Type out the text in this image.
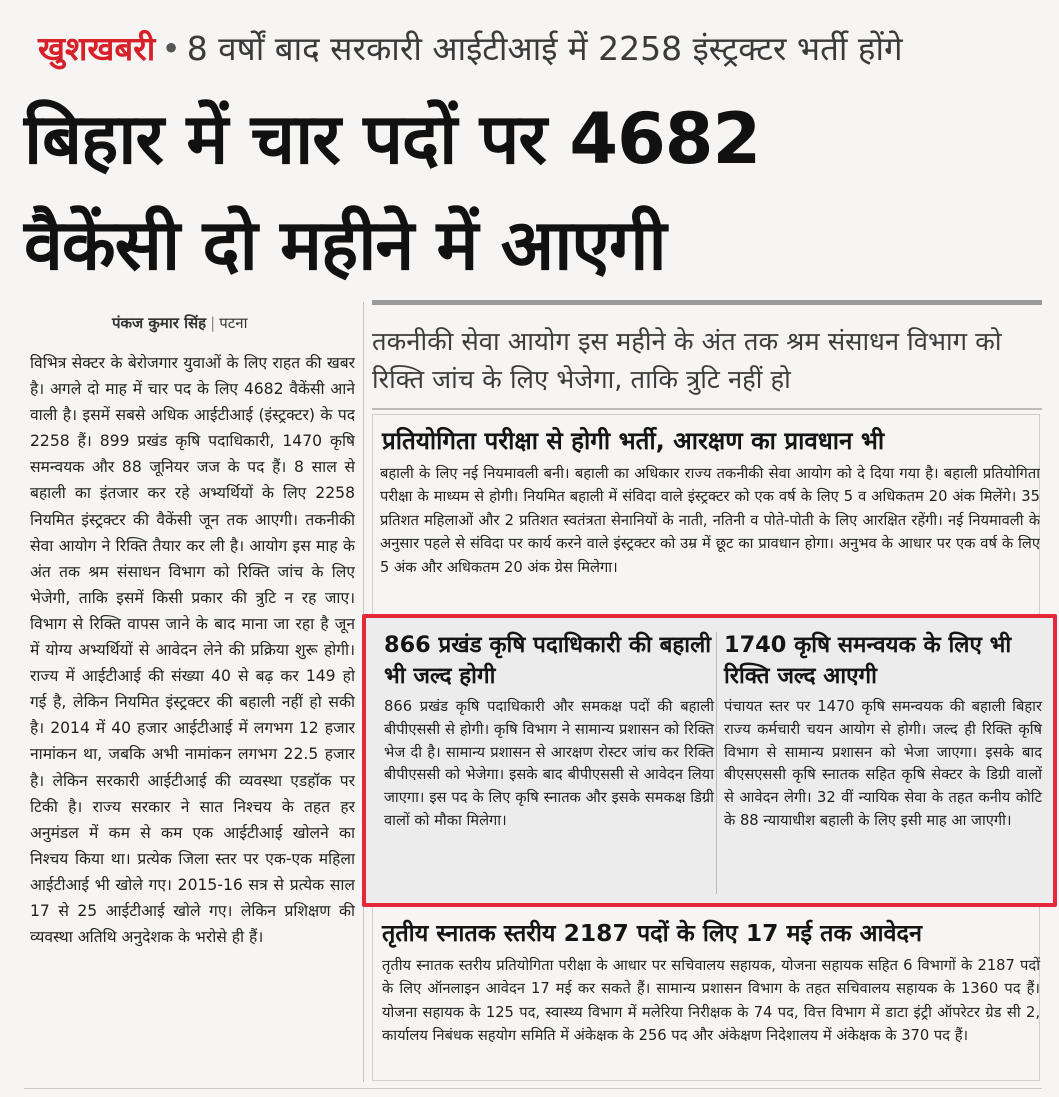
खुशखबरी • 8 वर्षों बाद सरकारी आईटीआई में 2258 इंस्ट्रक्टर भर्ती होंगे
बिहार में चार पदों पर 4682
वैकेंसी दो महीने में आएगी
पंकज कुमार सिंह | पटना
विभित्र सेक्टर के बेरोजगार युवाओं के लिए राहत की खबर है। अगले दो माह में चार पद के लिए 4682 वैकेंसी आने वाली है। इसमें सबसे अधिक आईटीआई (इंस्ट्रक्टर) के पद 2258 हैं। 899 प्रखंड कृषि पदाधिकारी, 1470 कृषि समन्वयक और 88 जूनियर जज के पद हैं। 8 साल से बहाली का इंतजार कर रहे अभ्यर्थियों के लिए 2258 नियमित इंस्ट्रक्टर की वैकेंसी जून तक आएगी। तकनीकी सेवा आयोग ने रिक्ति तैयार कर ली है। आयोग इस माह के अंत तक श्रम संसाधन विभाग को रिक्ति जांच के लिए भेजेगी, ताकि इसमें किसी प्रकार की त्रुटि न रह जाए। विभाग से रिक्ति वापस जाने के बाद माना जा रहा है जून में योग्य अभ्यर्थियों से आवेदन लेने की प्रक्रिया शुरू होगी। राज्य में आईटीआई की संख्या 40 से बढ़ कर 149 हो गई है, लेकिन नियमित इंस्ट्रक्टर की बहाली नहीं हो सकी है। 2014 में 40 हजार आईटीआई में लगभग 12 हजार नामांकन था, जबकि अभी नामांकन लगभग 22.5 हजार है। लेकिन सरकारी आईटीआई की व्यवस्था एडहॉक पर टिकी है। राज्य सरकार ने सात निश्चय के तहत हर अनुमंडल में कम से कम एक आईटीआई खोलने का निश्चय किया था। प्रत्येक जिला स्तर पर एक-एक महिला आईटीआई भी खोले गए। 2015-16 सत्र से प्रत्येक साल 17 से 25 आईटीआई खोले गए। लेकिन प्रशिक्षण की व्यवस्था अतिथि अनुदेशक के भरोसे ही हैं।
तकनीकी सेवा आयोग इस महीने के अंत तक श्रम संसाधन विभाग को रिक्ति जांच के लिए भेजेगा, ताकि त्रुटि नहीं हो
प्रतियोगिता परीक्षा से होगी भर्ती, आरक्षण का प्रावधान भी
बहाली के लिए नई नियमावली बनी। बहाली का अधिकार राज्य तकनीकी सेवा आयोग को दे दिया गया है। बहाली प्रतियोगिता परीक्षा के माध्यम से होगी। नियमित बहाली में संविदा वाले इंस्ट्रक्टर को एक वर्ष के लिए 5 व अधिकतम 20 अंक मिलेंगे। 35 प्रतिशत महिलाओं और 2 प्रतिशत स्वतंत्रता सेनानियों के नाती, नतिनी व पोते-पोती के लिए आरक्षित रहेंगी। नई नियमावली के अनुसार पहले से संविदा पर कार्य करने वाले इंस्ट्रक्टर को उम्र में छूट का प्रावधान होगा। अनुभव के आधार पर एक वर्ष के लिए 5 अंक और अधिकतम 20 अंक ग्रेस मिलेगा।
866 प्रखंड कृषि पदाधिकारी की बहाली भी जल्द होगी
866 प्रखंड कृषि पदाधिकारी और समकक्ष पदों की बहाली बीपीएससी से होगी। कृषि विभाग ने सामान्य प्रशासन को रिक्ति भेज दी है। सामान्य प्रशासन से आरक्षण रोस्टर जांच कर रिक्ति बीपीएससी को भेजेगा। इसके बाद बीपीएससी से आवेदन लिया जाएगा। इस पद के लिए कृषि स्नातक और इसके समकक्ष डिग्री वालों को मौका मिलेगा।
1740 कृषि समन्वयक के लिए भी रिक्ति जल्द आएगी
पंचायत स्तर पर 1470 कृषि समन्वयक की बहाली बिहार राज्य कर्मचारी चयन आयोग से होगी। जल्द ही रिक्ति कृषि विभाग से सामान्य प्रशासन को भेजा जाएगा। इसके बाद बीएसएससी कृषि स्नातक सहित कृषि सेक्टर के डिग्री वालों से आवेदन लेगी। 32 वीं न्यायिक सेवा के तहत कनीय कोटि के 88 न्यायाधीश बहाली के लिए इसी माह आ जाएगी।
तृतीय स्नातक स्तरीय 2187 पदों के लिए 17 मई तक आवेदन
तृतीय स्नातक स्तरीय प्रतियोगिता परीक्षा के आधार पर सचिवालय सहायक, योजना सहायक सहित 6 विभागों के 2187 पदों के लिए ऑनलाइन आवेदन 17 मई कर सकते हैं। सामान्य प्रशासन विभाग के तहत सचिवालय सहायक के 1360 पद हैं। योजना सहायक के 125 पद, स्वास्थ्य विभाग में मलेरिया निरीक्षक के 74 पद, वित्त विभाग में डाटा इंट्री ऑपरेटर ग्रेड सी 2, कार्यालय निबंधक सहयोग समिति में अंकेक्षक के 256 पद और अंकेक्षण निदेशालय में अंकेक्षक के 370 पद हैं।
